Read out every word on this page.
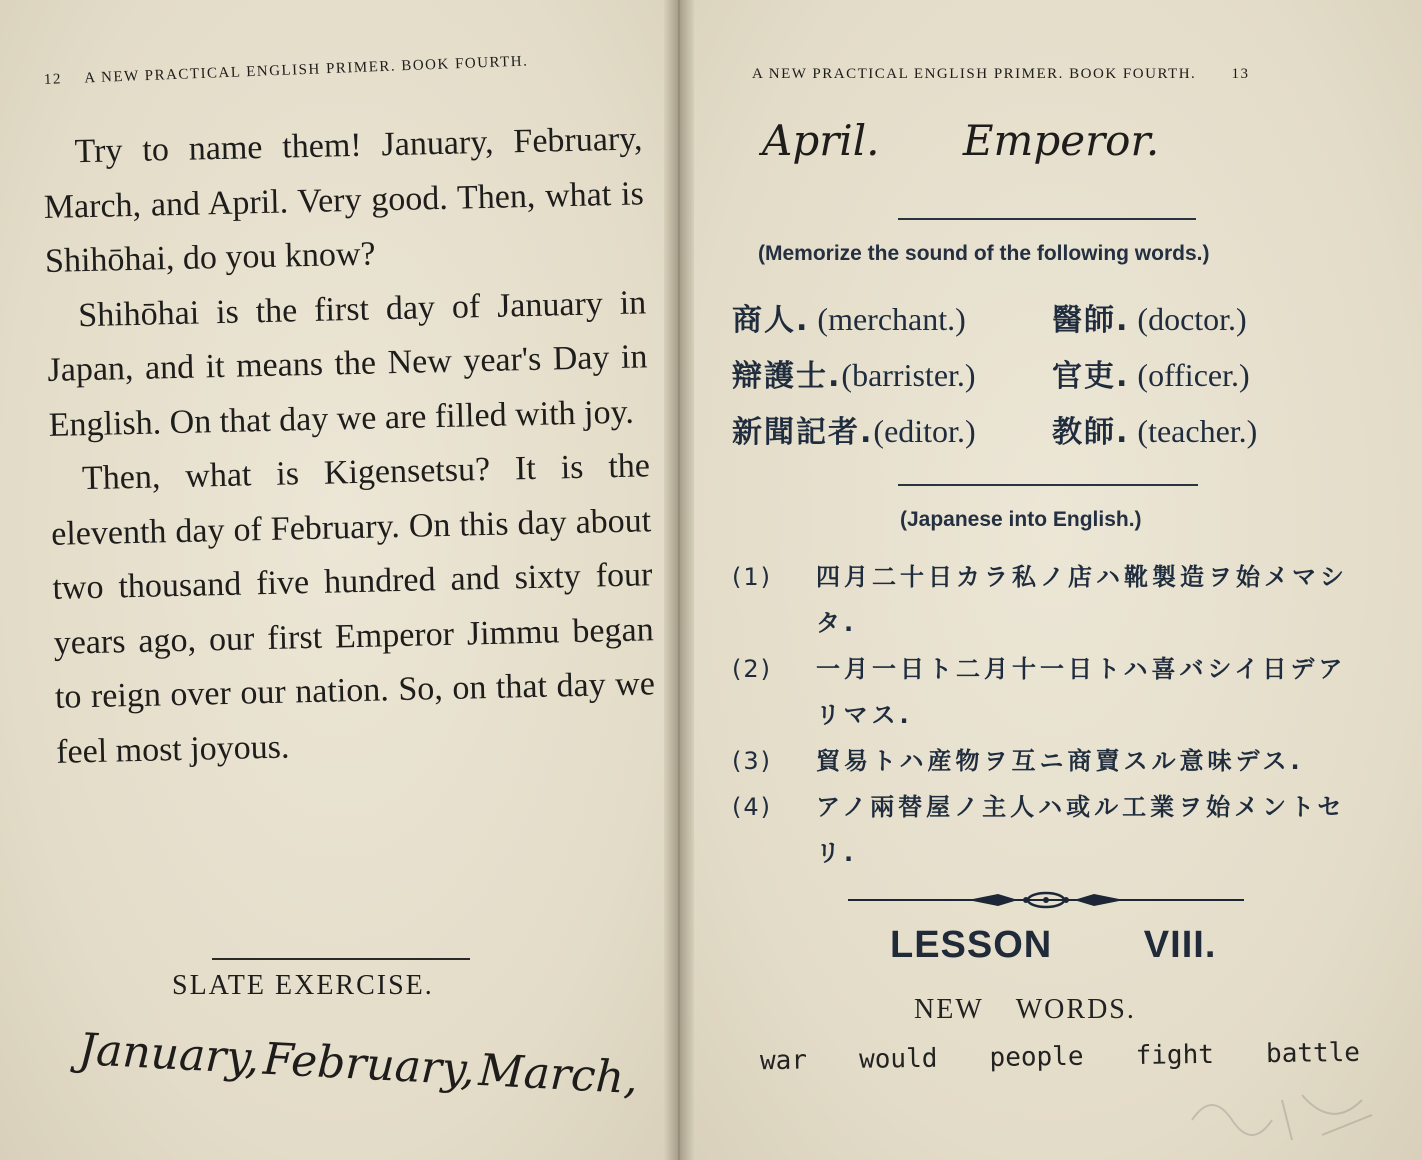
12 A NEW PRACTICAL ENGLISH PRIMER. BOOK FOURTH.

Try to name them! January, February, March, and April. Very good. Then, what is Shihōhai, do you know?

Shihōhai is the first day of January in Japan, and it means the New year's Day in English. On that day we are filled with joy.

Then, what is Kigensetsu? It is the eleventh day of February. On this day about two thousand five hundred and sixty four years ago, our first Emperor Jimmu began to reign over our nation. So, on that day we feel most joyous.

SLATE EXERCISE.
January, February, March,
A NEW PRACTICAL ENGLISH PRIMER. BOOK FOURTH. 13
April. Emperor.
(Memorize the sound of the following words.)
商人. (merchant.)	醫師. (doctor.)
辯護士.(barrister.)	官吏. (officer.)
新聞記者.(editor.)	教師. (teacher.)
(Japanese into English.)
(1)	四月二十日カラ私ノ店ハ靴製造ヲ始メマシタ.
(2)	一月一日ト二月十一日トハ喜バシイ日デアリマス.
(3)	貿易トハ産物ヲ互ニ商賣スル意味デス.
(4)	アノ兩替屋ノ主人ハ或ル工業ヲ始メントセリ.
LESSON VIII.
NEW WORDS.
war would people fight battle
